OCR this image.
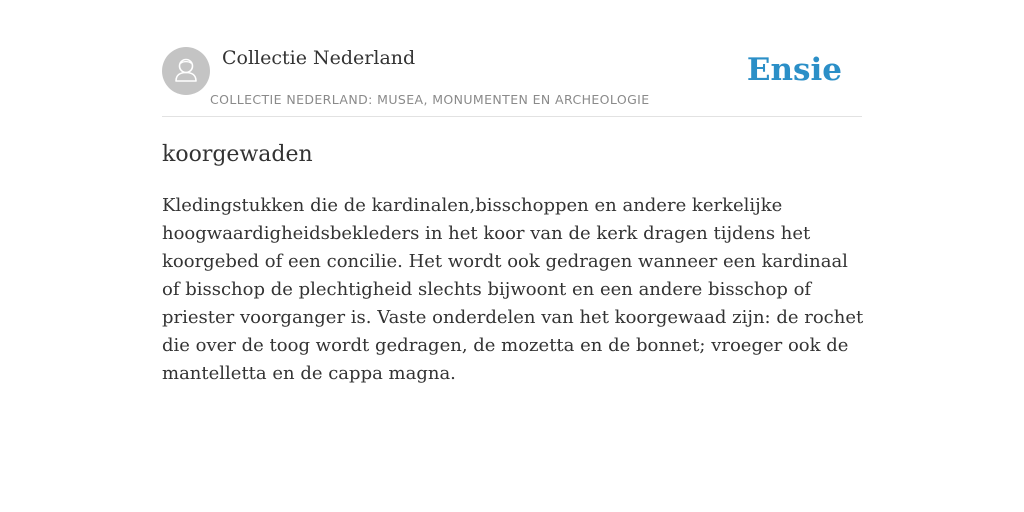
Collectie Nederland
COLLECTIE NEDERLAND: MUSEA, MONUMENTEN EN ARCHEOLOGIE
Ensie
koorgewaden

Kledingstukken die de kardinalen,bisschoppen en andere kerkelijke hoogwaardigheidsbekleders in het koor van de kerk dragen tijdens het koorgebed of een concilie. Het wordt ook gedragen wanneer een kardinaal of bisschop de plechtigheid slechts bijwoont en een andere bisschop of priester voorganger is. Vaste onderdelen van het koorgewaad zijn: de rochet die over de toog wordt gedragen, de mozetta en de bonnet; vroeger ook de mantelletta en de cappa magna.
